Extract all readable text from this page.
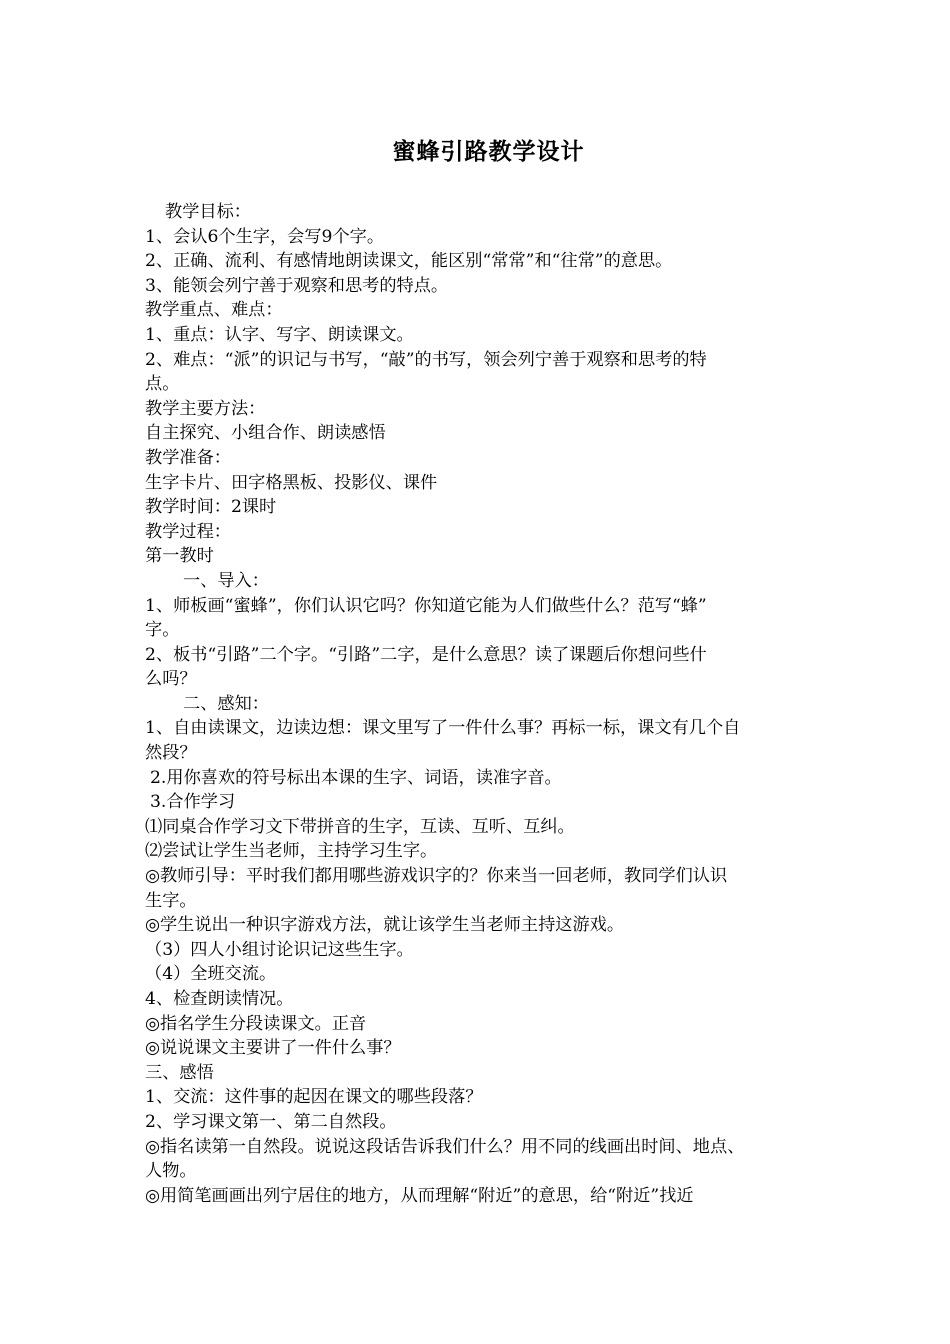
蜜蜂引路教学设计
教学目标：
1、会认6个生字，会写9个字。
2、正确、流利、有感情地朗读课文，能区别“常常”和“往常”的意思。
3、能领会列宁善于观察和思考的特点。
教学重点、难点：
1、重点：认字、写字、朗读课文。
2、难点：“派”的识记与书写，“敲”的书写，领会列宁善于观察和思考的特
点。
教学主要方法：
自主探究、小组合作、朗读感悟
教学准备：
生字卡片、田字格黑板、投影仪、课件
教学时间：2课时
教学过程：
第一教时
一、导入：
1、师板画“蜜蜂”，你们认识它吗？你知道它能为人们做些什么？范写“蜂”
字。
2、板书“引路”二个字。“引路”二字，是什么意思？读了课题后你想问些什
么吗？
二、感知：
1、自由读课文，边读边想：课文里写了一件什么事？再标一标，课文有几个自
然段？
2.用你喜欢的符号标出本课的生字、词语，读准字音。
3.合作学习
⑴同桌合作学习文下带拼音的生字，互读、互听、互纠。
⑵尝试让学生当老师，主持学习生字。
◎教师引导：平时我们都用哪些游戏识字的？你来当一回老师，教同学们认识
生字。
◎学生说出一种识字游戏方法，就让该学生当老师主持这游戏。
（3）四人小组讨论识记这些生字。
（4）全班交流。
4、检查朗读情况。
◎指名学生分段读课文。正音
◎说说课文主要讲了一件什么事？
三、感悟
1、交流：这件事的起因在课文的哪些段落？
2、学习课文第一、第二自然段。
◎指名读第一自然段。说说这段话告诉我们什么？用不同的线画出时间、地点、
人物。
◎用简笔画画出列宁居住的地方，从而理解“附近”的意思，给“附近”找近
